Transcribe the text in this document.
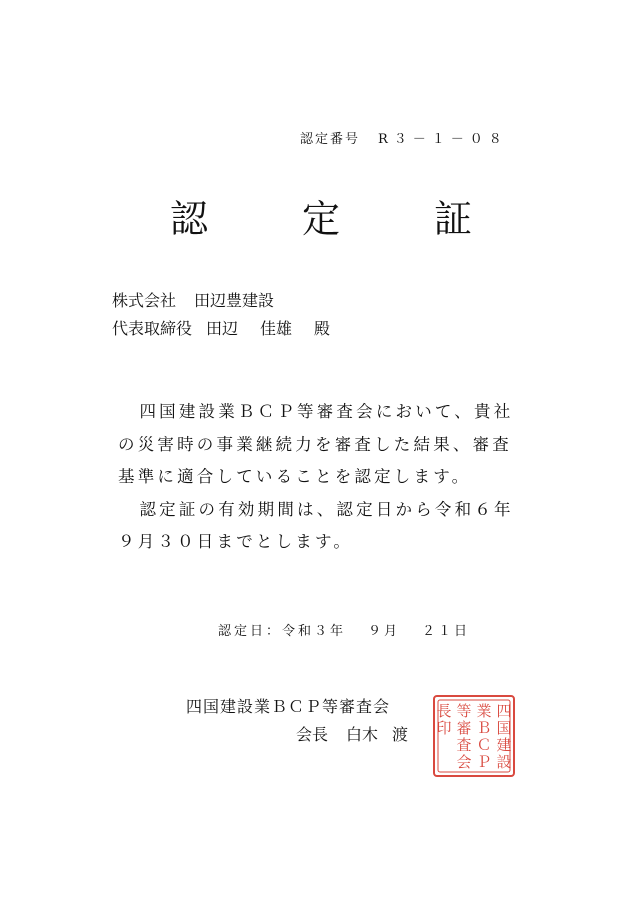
認定番号 R３－１－０８
認　定　証
株式会社 田辺豊建設
代表取締役 田辺 佳雄 殿

四国建設業ＢＣＰ等審査会において、貴社の災害時の事業継続力を審査した結果、審査基準に適合していることを認定します。

認定証の有効期間は、認定日から令和６年９月３０日までとします。

認定日：令和３年 ９月 ２１日
四国建設業ＢＣＰ等審査会
会長 白木 渡
四
国
建
設
業
Ｂ
Ｃ
Ｐ
等
審
査
会
長
印
